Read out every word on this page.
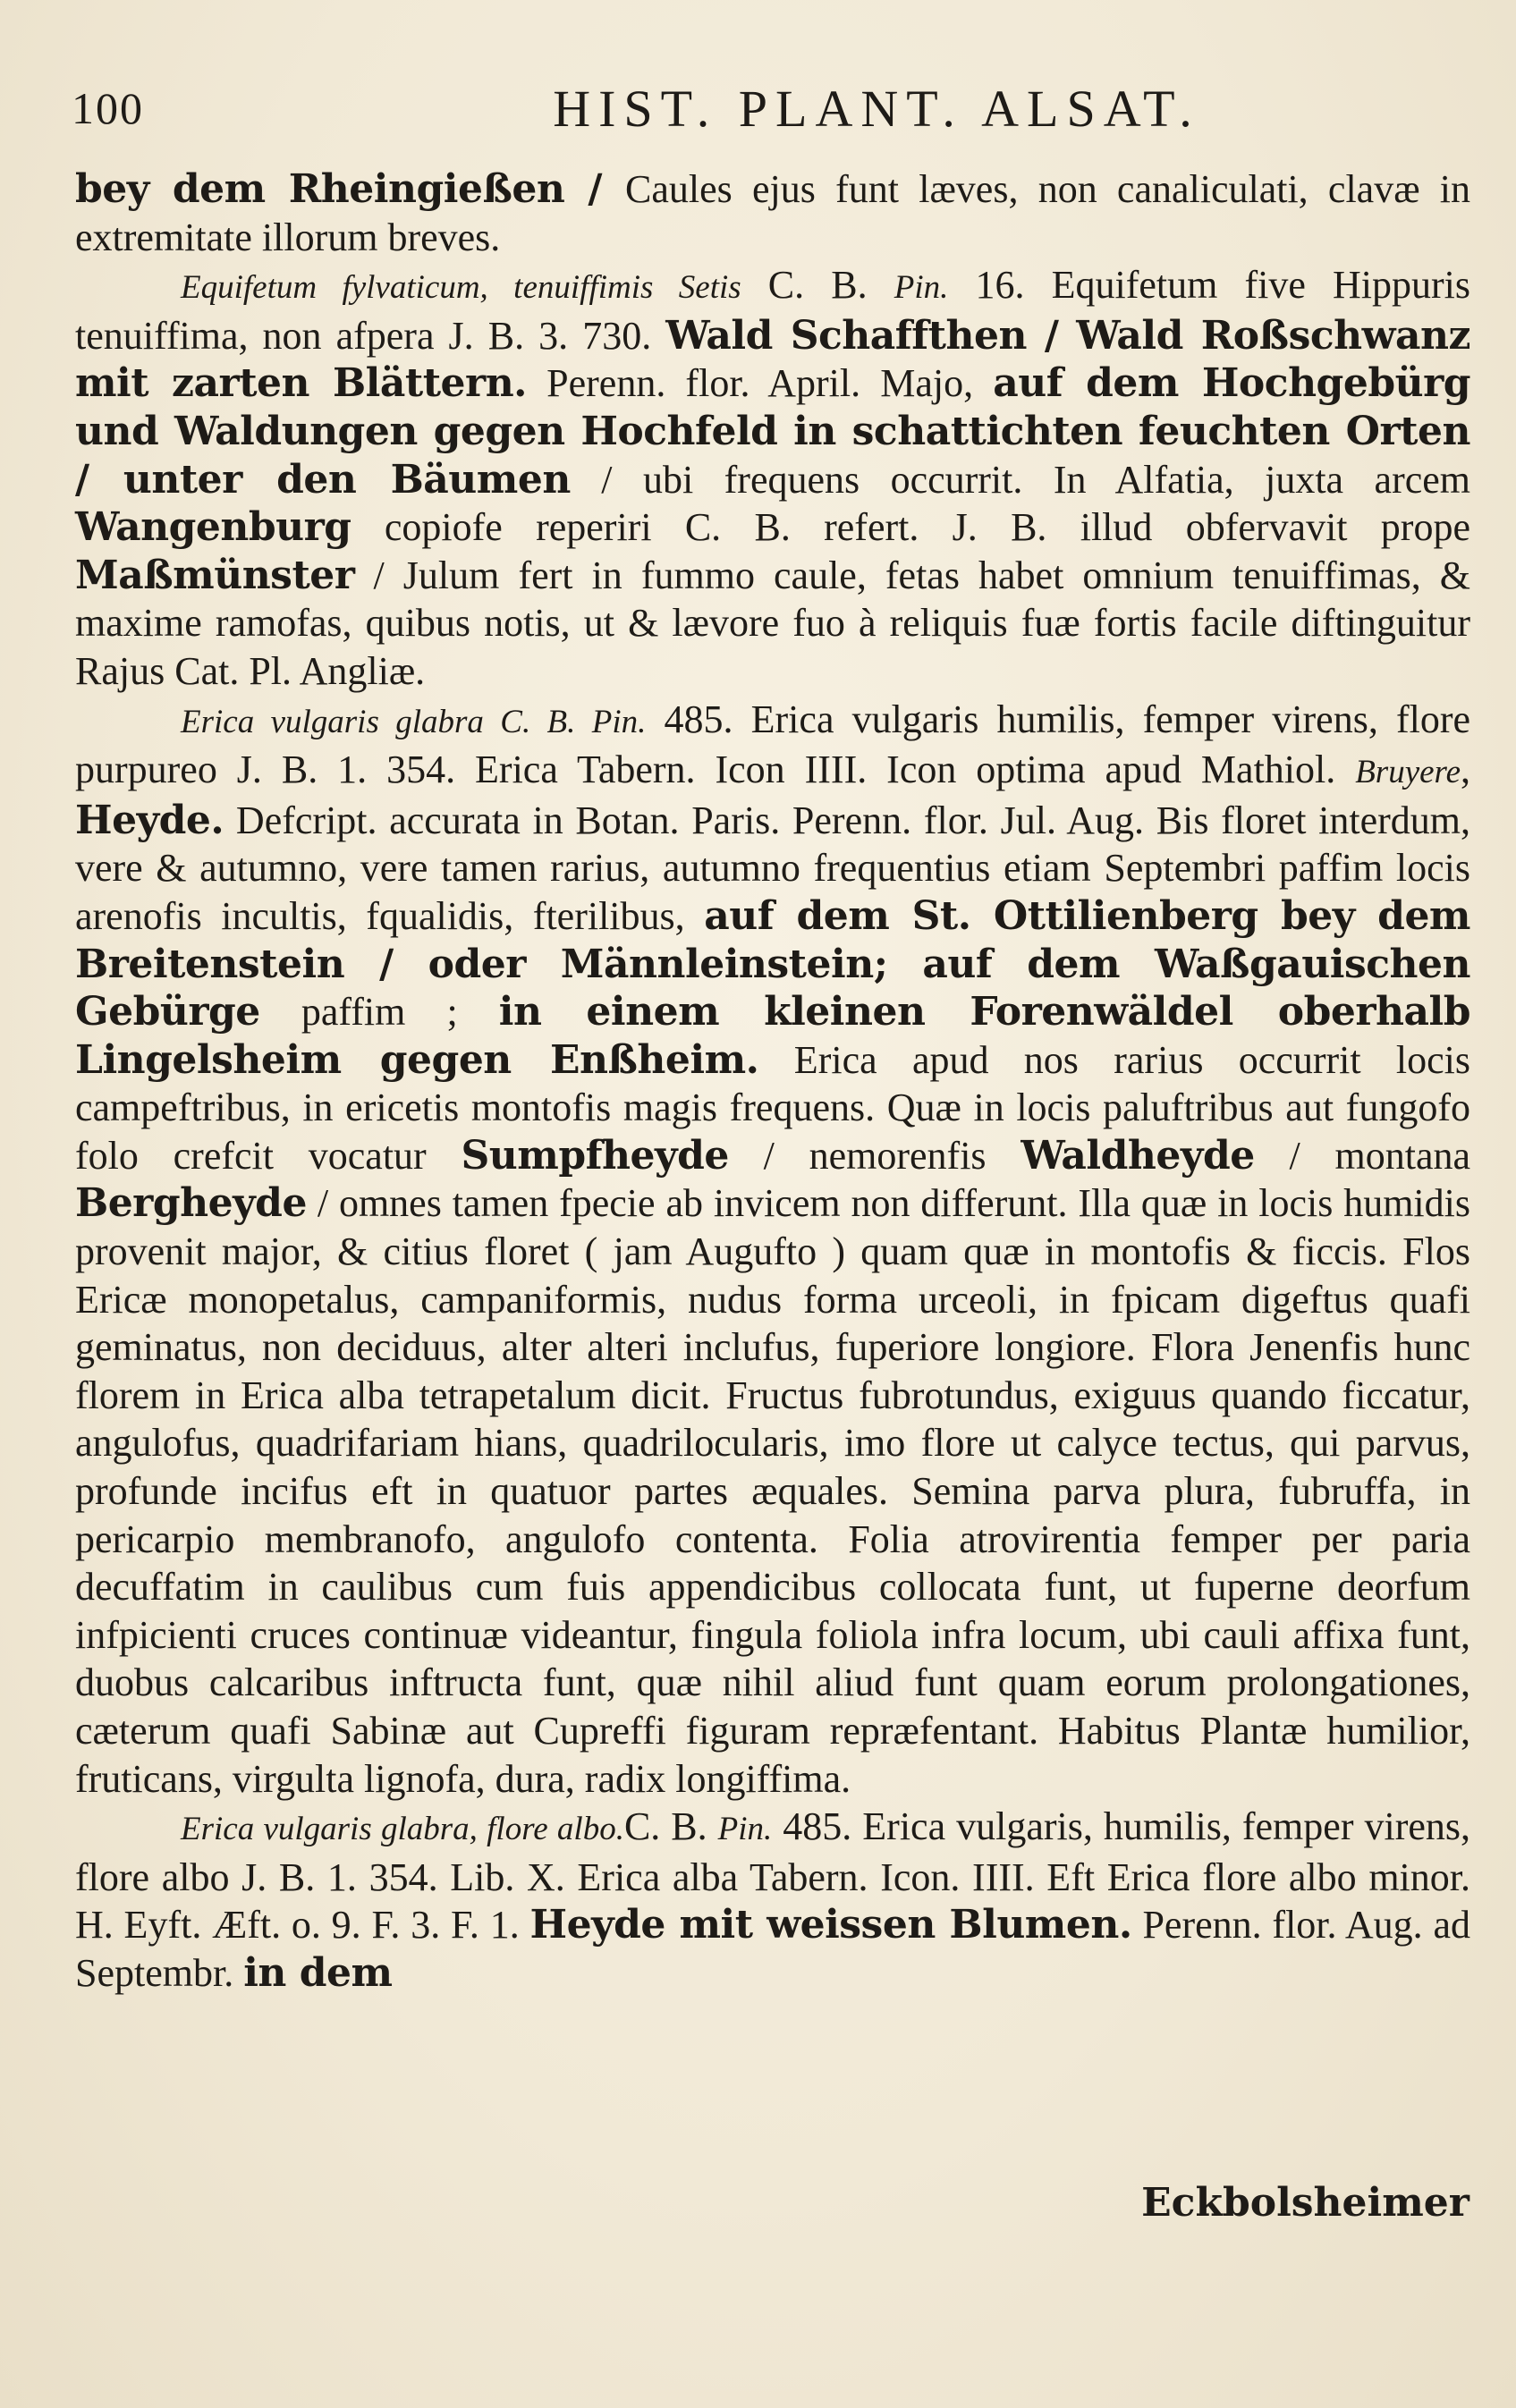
100	HIST. PLANT. ALSAT.

bey dem Rheingießen / Caules ejus funt læves, non canaliculati, clavæ in extremitate illorum breves.

Equifetum fylvaticum, tenuiffimis Setis C. B. Pin. 16. Equifetum five Hippuris tenuiffima, non afpera J. B. 3. 730. Wald Schaffthen / Wald Roßschwanz mit zarten Blättern. Perenn. flor. April. Majo, auf dem Hochgebürg und Waldungen gegen Hochfeld in schattichten feuchten Orten / unter den Bäumen / ubi frequens occurrit. In Alfatia, juxta arcem Wangenburg copiofe reperiri C. B. refert. J. B. illud obfervavit prope Maßmünster / Julum fert in fummo caule, fetas habet omnium tenuiffimas, & maxime ramofas, quibus notis, ut & lævore fuo à reliquis fuæ fortis facile diftinguitur Rajus Cat. Pl. Angliæ.

Erica vulgaris glabra C. B. Pin. 485. Erica vulgaris humilis, femper virens, flore purpureo J. B. 1. 354. Erica Tabern. Icon IIII. Icon optima apud Mathiol. Bruyere, Heyde. Defcript. accurata in Botan. Paris. Perenn. flor. Jul. Aug. Bis floret interdum, vere & autumno, vere tamen rarius, autumno frequentius etiam Septembri paffim locis arenofis incultis, fqualidis, fterilibus, auf dem St. Ottilienberg bey dem Breitenstein / oder Männleinstein; auf dem Waßgauischen Gebürge paffim ; in einem kleinen Forenwäldel oberhalb Lingelsheim gegen Enßheim. Erica apud nos rarius occurrit locis campeftribus, in ericetis montofis magis frequens. Quæ in locis paluftribus aut fungofo folo crefcit vocatur Sumpfheyde / nemorenfis Waldheyde / montana Bergheyde / omnes tamen fpecie ab invicem non differunt. Illa quæ in locis humidis provenit major, & citius floret ( jam Augufto ) quam quæ in montofis & ficcis. Flos Ericæ monopetalus, campaniformis, nudus forma urceoli, in fpicam digeftus quafi geminatus, non deciduus, alter alteri inclufus, fuperiore longiore. Flora Jenenfis hunc florem in Erica alba tetrapetalum dicit. Fructus fubrotundus, exiguus quando ficcatur, angulofus, quadrifariam hians, quadrilocularis, imo flore ut calyce tectus, qui parvus, profunde incifus eft in quatuor partes æquales. Semina parva plura, fubruffa, in pericarpio membranofo, angulofo contenta. Folia atrovirentia femper per paria decuffatim in caulibus cum fuis appendicibus collocata funt, ut fuperne deorfum infpicienti cruces continuæ videantur, fingula foliola infra locum, ubi cauli affixa funt, duobus calcaribus inftructa funt, quæ nihil aliud funt quam eorum prolongationes, cæterum quafi Sabinæ aut Cupreffi figuram repræfentant. Habitus Plantæ humilior, fruticans, virgulta lignofa, dura, radix longiffima.

Erica vulgaris glabra, flore albo.C. B. Pin. 485. Erica vulgaris, humilis, femper virens, flore albo J. B. 1. 354. Lib. X. Erica alba Tabern. Icon. IIII. Eft Erica flore albo minor. H. Eyft. Æft. o. 9. F. 3. F. 1. Heyde mit weissen Blumen. Perenn. flor. Aug. ad Septembr. in dem

Eckbolsheimer
